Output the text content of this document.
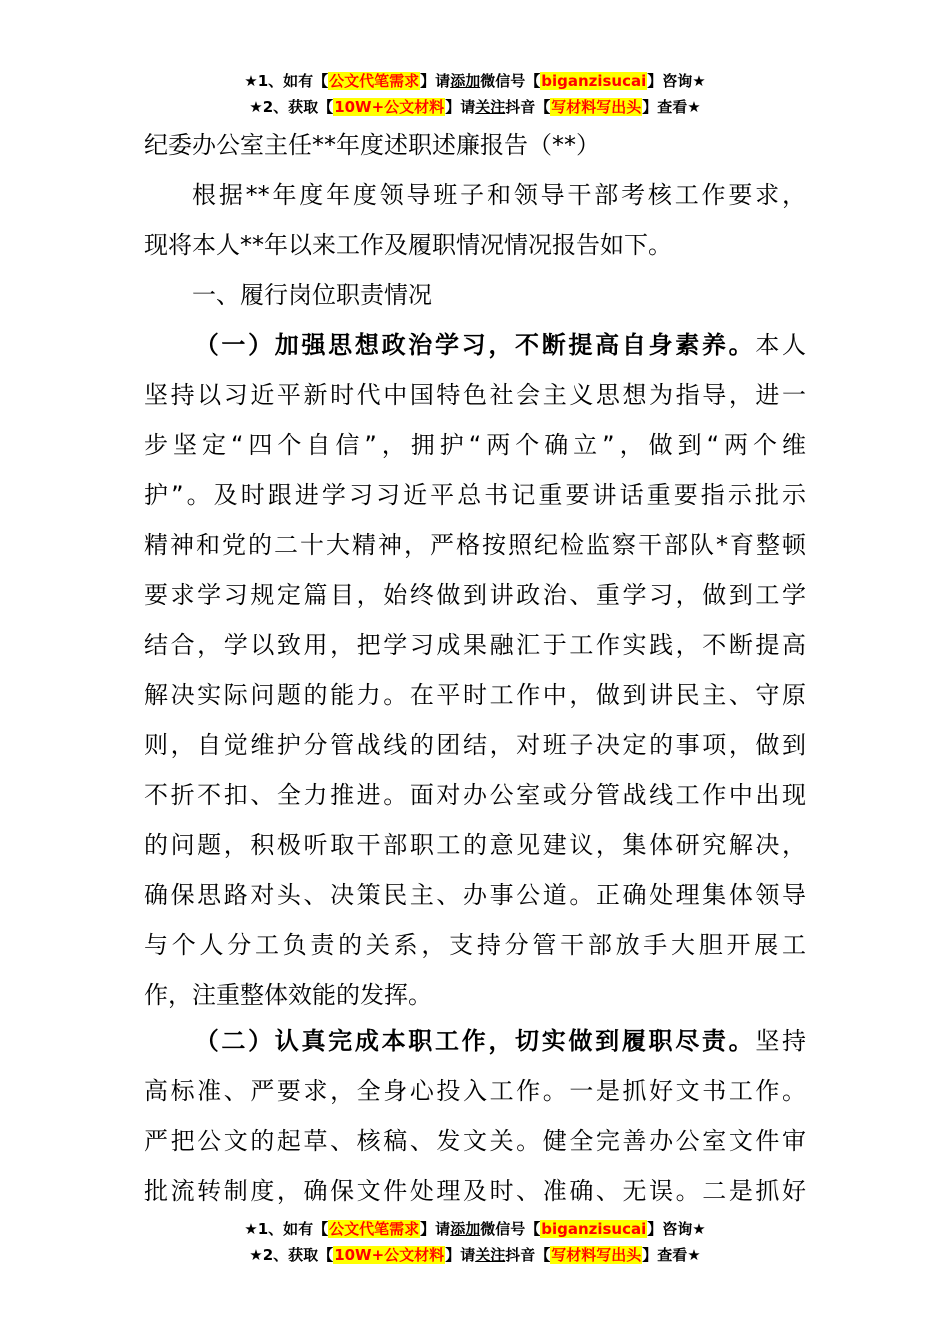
★1、如有【公文代笔需求】请添加微信号【biganzisucai】咨询★
★2、获取【10W+公文材料】请关注抖音【写材料写出头】查看★
纪委办公室主任**年度述职述廉报告（**）

根据**年度年度领导班子和领导干部考核工作要求，

现将本人**年以来工作及履职情况情况报告如下。

一、履行岗位职责情况

（一）加强思想政治学习，不断提高自身素养。本人

坚持以习近平新时代中国特色社会主义思想为指导，进一

步坚定“四个自信”，拥护“两个确立”，做到“两个维

护”。及时跟进学习习近平总书记重要讲话重要指示批示

精神和党的二十大精神，严格按照纪检监察干部队*育整顿

要求学习规定篇目，始终做到讲政治、重学习，做到工学

结合，学以致用，把学习成果融汇于工作实践，不断提高

解决实际问题的能力。在平时工作中，做到讲民主、守原

则，自觉维护分管战线的团结，对班子决定的事项，做到

不折不扣、全力推进。面对办公室或分管战线工作中出现

的问题，积极听取干部职工的意见建议，集体研究解决，

确保思路对头、决策民主、办事公道。正确处理集体领导

与个人分工负责的关系，支持分管干部放手大胆开展工

作，注重整体效能的发挥。

（二）认真完成本职工作，切实做到履职尽责。坚持

高标准、严要求，全身心投入工作。一是抓好文书工作。

严把公文的起草、核稿、发文关。健全完善办公室文件审

批流转制度，确保文件处理及时、准确、无误。二是抓好

★1、如有【公文代笔需求】请添加微信号【biganzisucai】咨询★
★2、获取【10W+公文材料】请关注抖音【写材料写出头】查看★
